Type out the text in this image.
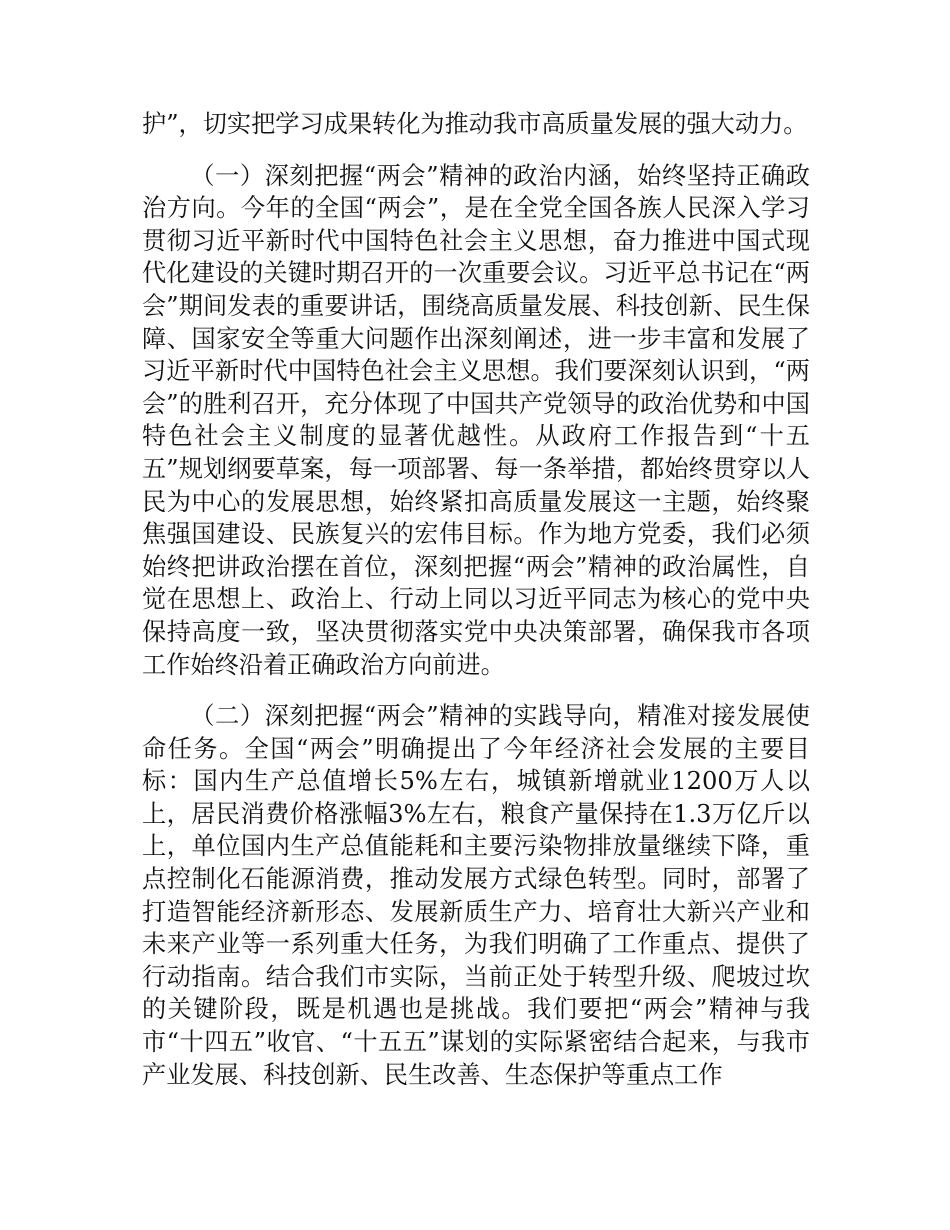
护”，切实把学习成果转化为推动我市高质量发展的强大动力。

（一）深刻把握“两会”精神的政治内涵，始终坚持正确政治方向。今年的全国“两会”，是在全党全国各族人民深入学习贯彻习近平新时代中国特色社会主义思想，奋力推进中国式现代化建设的关键时期召开的一次重要会议。习近平总书记在“两会”期间发表的重要讲话，围绕高质量发展、科技创新、民生保障、国家安全等重大问题作出深刻阐述，进一步丰富和发展了习近平新时代中国特色社会主义思想。我们要深刻认识到，“两会”的胜利召开，充分体现了中国共产党领导的政治优势和中国特色社会主义制度的显著优越性。从政府工作报告到“十五五”规划纲要草案，每一项部署、每一条举措，都始终贯穿以人民为中心的发展思想，始终紧扣高质量发展这一主题，始终聚焦强国建设、民族复兴的宏伟目标。作为地方党委，我们必须始终把讲政治摆在首位，深刻把握“两会”精神的政治属性，自觉在思想上、政治上、行动上同以习近平同志为核心的党中央保持高度一致，坚决贯彻落实党中央决策部署，确保我市各项工作始终沿着正确政治方向前进。

（二）深刻把握“两会”精神的实践导向，精准对接发展使命任务。全国“两会”明确提出了今年经济社会发展的主要目标：国内生产总值增长5%左右，城镇新增就业1200万人以上，居民消费价格涨幅3%左右，粮食产量保持在1.3万亿斤以上，单位国内生产总值能耗和主要污染物排放量继续下降，重点控制化石能源消费，推动发展方式绿色转型。同时，部署了打造智能经济新形态、发展新质生产力、培育壮大新兴产业和未来产业等一系列重大任务，为我们明确了工作重点、提供了行动指南。结合我们市实际，当前正处于转型升级、爬坡过坎的关键阶段，既是机遇也是挑战。我们要把“两会”精神与我市“十四五”收官、“十五五”谋划的实际紧密结合起来，与我市产业发展、科技创新、民生改善、生态保护等重点工作
